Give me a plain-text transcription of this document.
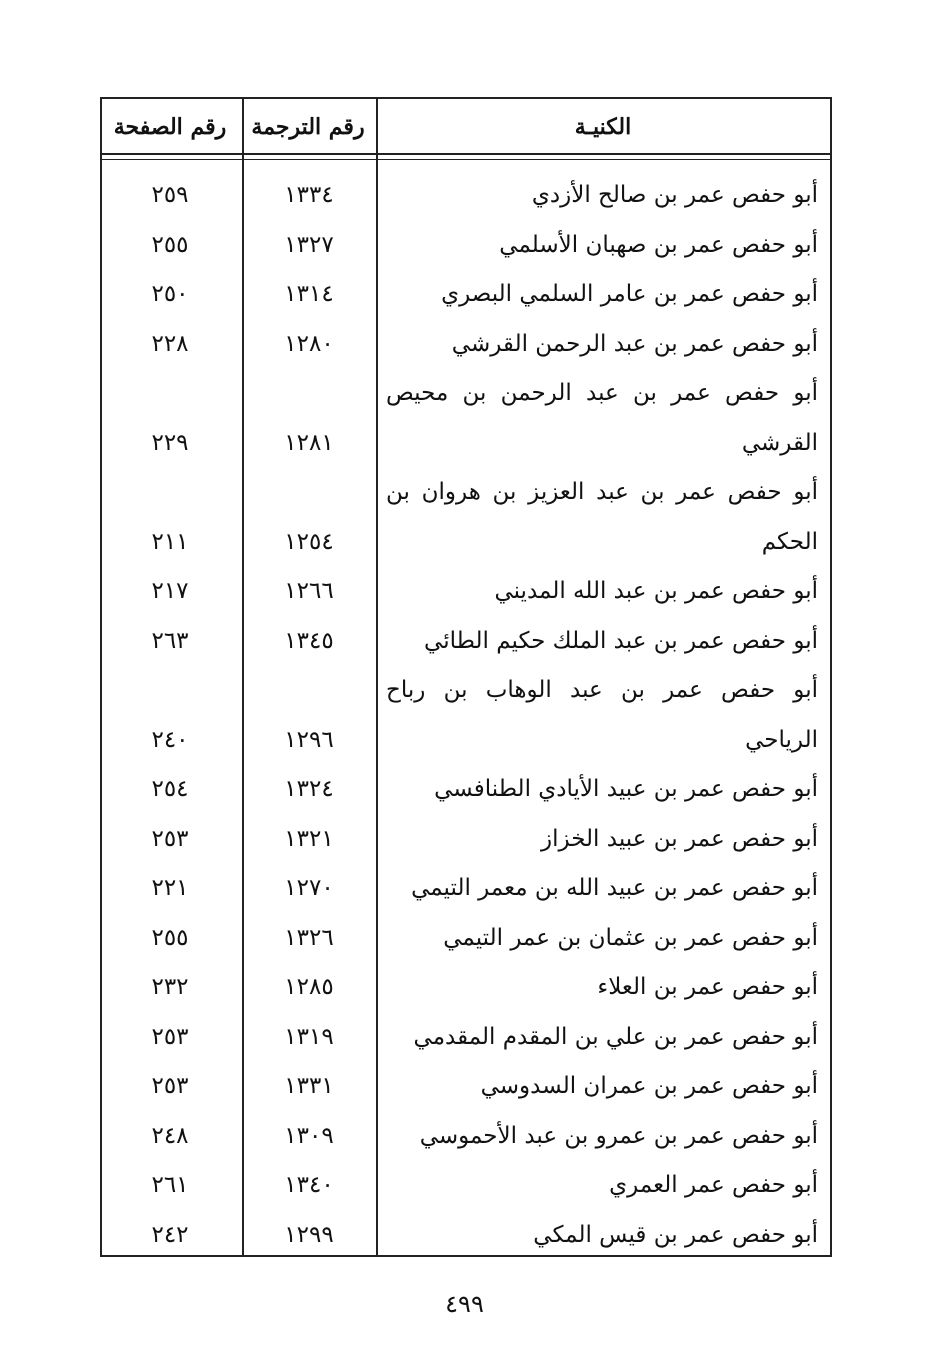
الكنيـة
رقم الترجمة
رقم الصفحة
أبو حفص عمر بن صالح الأزدي
١٣٣٤
٢٥٩
أبو حفص عمر بن صهبان الأسلمي
١٣٢٧
٢٥٥
أبو حفص عمر بن عامر السلمي البصري
١٣١٤
٢٥٠
أبو حفص عمر بن عبد الرحمن القرشي
١٢٨٠
٢٢٨
أبو حفص عمر بن عبد الرحمن بن محيص القرشي
١٢٨١
٢٢٩
أبو حفص عمر بن عبد العزيز بن هروان بن الحكم
١٢٥٤
٢١١
أبو حفص عمر بن عبد الله المديني
١٢٦٦
٢١٧
أبو حفص عمر بن عبد الملك حكيم الطائي
١٣٤٥
٢٦٣
أبو حفص عمر بن عبد الوهاب بن رباح الرياحي
١٢٩٦
٢٤٠
أبو حفص عمر بن عبيد الأيادي الطنافسي
١٣٢٤
٢٥٤
أبو حفص عمر بن عبيد الخزاز
١٣٢١
٢٥٣
أبو حفص عمر بن عبيد الله بن معمر التيمي
١٢٧٠
٢٢١
أبو حفص عمر بن عثمان بن عمر التيمي
١٣٢٦
٢٥٥
أبو حفص عمر بن العلاء
١٢٨٥
٢٣٢
أبو حفص عمر بن علي بن المقدم المقدمي
١٣١٩
٢٥٣
أبو حفص عمر بن عمران السدوسي
١٣٣١
٢٥٣
أبو حفص عمر بن عمرو بن عبد الأحموسي
١٣٠٩
٢٤٨
أبو حفص عمر العمري
١٣٤٠
٢٦١
أبو حفص عمر بن قيس المكي
١٢٩٩
٢٤٢
٤٩٩
